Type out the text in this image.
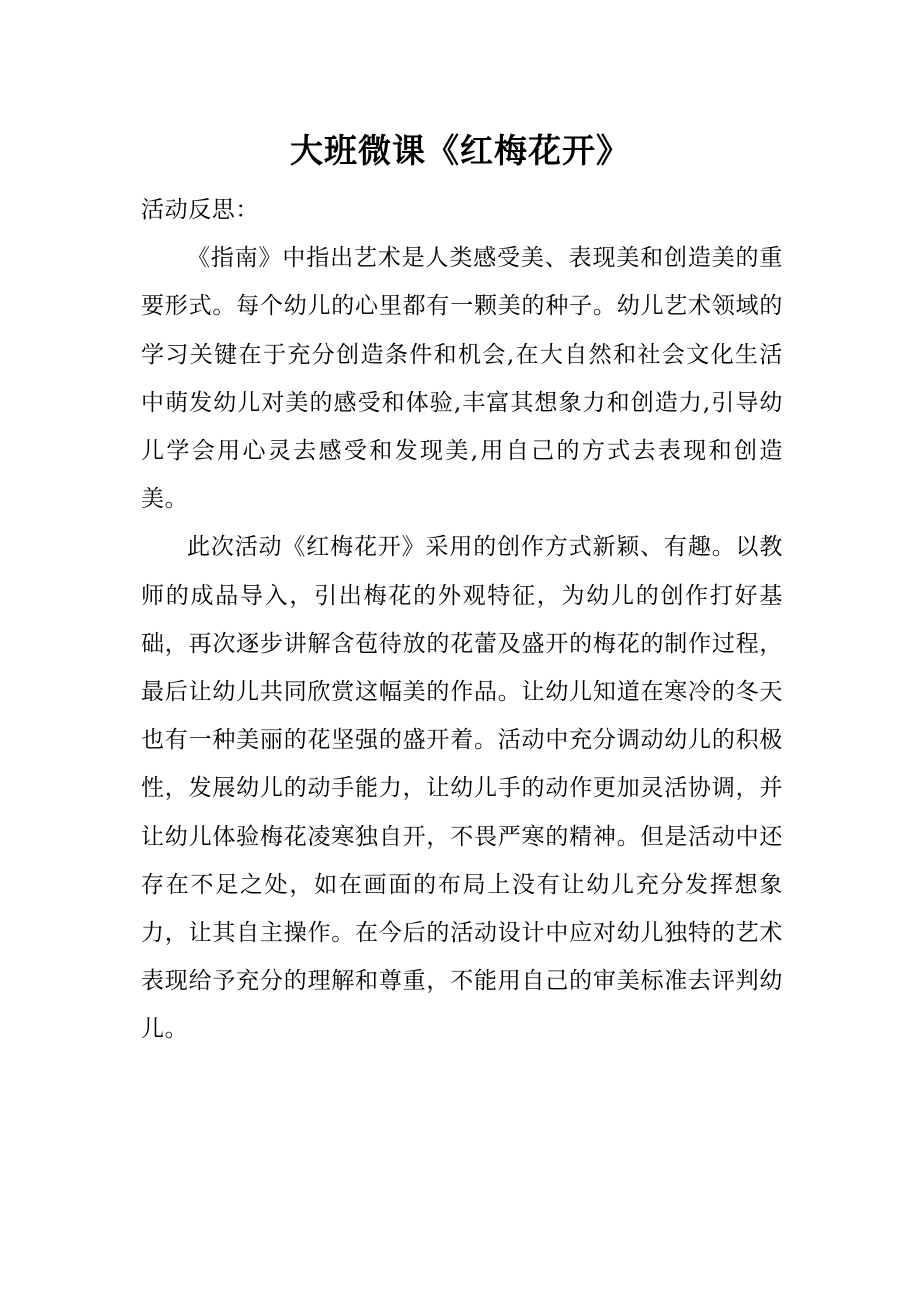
大班微课《红梅花开》

活动反思：

《指南》中指出艺术是人类感受美、表现美和创造美的重要形式。每个幼儿的心里都有一颗美的种子。幼儿艺术领域的学习关键在于充分创造条件和机会,在大自然和社会文化生活中萌发幼儿对美的感受和体验,丰富其想象力和创造力,引导幼儿学会用心灵去感受和发现美,用自己的方式去表现和创造美。

此次活动《红梅花开》采用的创作方式新颖、有趣。以教师的成品导入，引出梅花的外观特征，为幼儿的创作打好基础，再次逐步讲解含苞待放的花蕾及盛开的梅花的制作过程，最后让幼儿共同欣赏这幅美的作品。让幼儿知道在寒冷的冬天也有一种美丽的花坚强的盛开着。活动中充分调动幼儿的积极性，发展幼儿的动手能力，让幼儿手的动作更加灵活协调，并让幼儿体验梅花凌寒独自开，不畏严寒的精神。但是活动中还存在不足之处，如在画面的布局上没有让幼儿充分发挥想象力，让其自主操作。在今后的活动设计中应对幼儿独特的艺术表现给予充分的理解和尊重，不能用自己的审美标准去评判幼儿。
